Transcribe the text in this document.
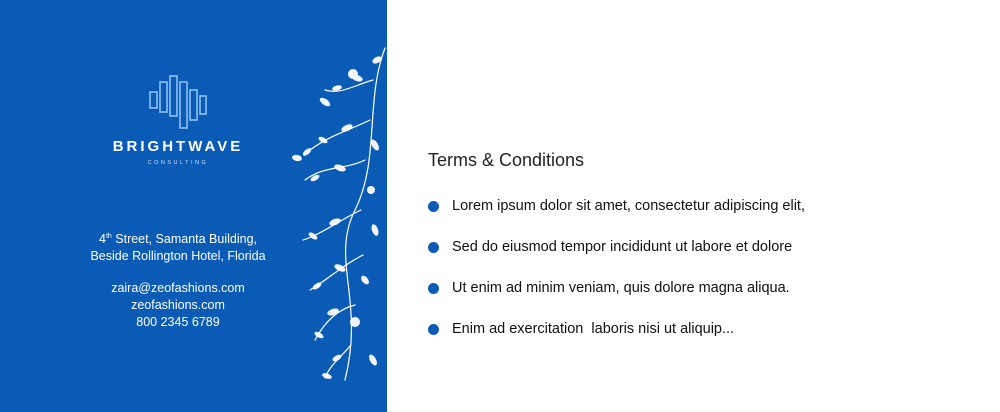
BRIGHTWAVE
CONSULTING
4th Street, Samanta Building,
Beside Rollington Hotel, Florida
zaira@zeofashions.com
zeofashions.com
800 2345 6789
Terms & Conditions
Lorem ipsum dolor sit amet, consectetur adipiscing elit,
Sed do eiusmod tempor incididunt ut labore et dolore
Ut enim ad minim veniam, quis dolore magna aliqua.
Enim ad exercitation  laboris nisi ut aliquip...
